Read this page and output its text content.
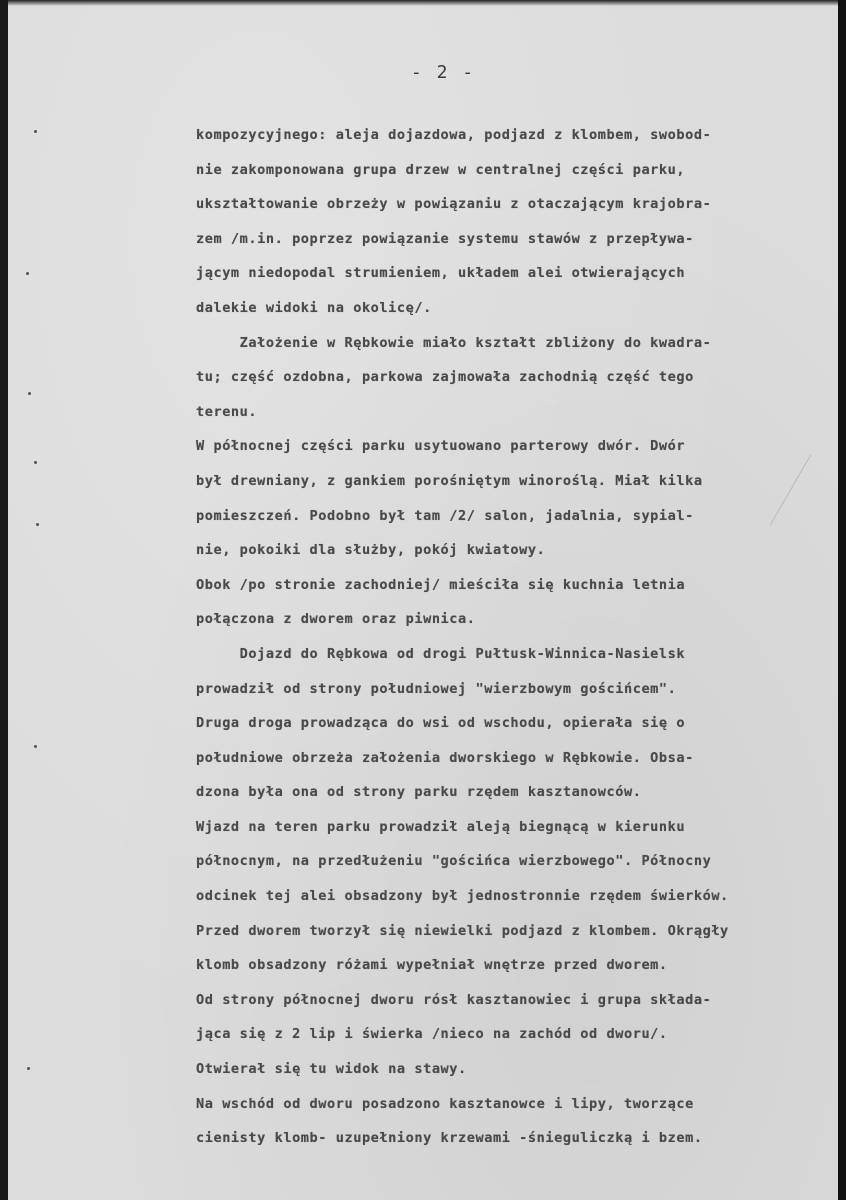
- 2 -
kompozycyjnego: aleja dojazdowa, podjazd z klombem, swobod-
nie zakomponowana grupa drzew w centralnej części parku,
ukształtowanie obrzeży w powiązaniu z otaczającym krajobra-
zem /m.in. poprzez powiązanie systemu stawów z przepływa-
jącym niedopodal strumieniem, układem alei otwierających
dalekie widoki na okolicę/.
Założenie w Rębkowie miało kształt zbliżony do kwadra-
tu; część ozdobna, parkowa zajmowała zachodnią część tego
terenu.
W północnej części parku usytuowano parterowy dwór. Dwór
był drewniany, z gankiem porośniętym winoroślą. Miał kilka
pomieszczeń. Podobno był tam /2/ salon, jadalnia, sypial-
nie, pokoiki dla służby, pokój kwiatowy.
Obok /po stronie zachodniej/ mieściła się kuchnia letnia
połączona z dworem oraz piwnica.
Dojazd do Rębkowa od drogi Pułtusk-Winnica-Nasielsk
prowadził od strony południowej "wierzbowym gościńcem".
Druga droga prowadząca do wsi od wschodu, opierała się o
południowe obrzeża założenia dworskiego w Rębkowie. Obsa-
dzona była ona od strony parku rzędem kasztanowców.
Wjazd na teren parku prowadził aleją biegnącą w kierunku
północnym, na przedłużeniu "gościńca wierzbowego". Północny
odcinek tej alei obsadzony był jednostronnie rzędem świerków.
Przed dworem tworzył się niewielki podjazd z klombem. Okrągły
klomb obsadzony różami wypełniał wnętrze przed dworem.
Od strony północnej dworu rósł kasztanowiec i grupa składa-
jąca się z 2 lip i świerka /nieco na zachód od dworu/.
Otwierał się tu widok na stawy.
Na wschód od dworu posadzono kasztanowce i lipy, tworzące
cienisty klomb- uzupełniony krzewami -śnieguliczką i bzem.
